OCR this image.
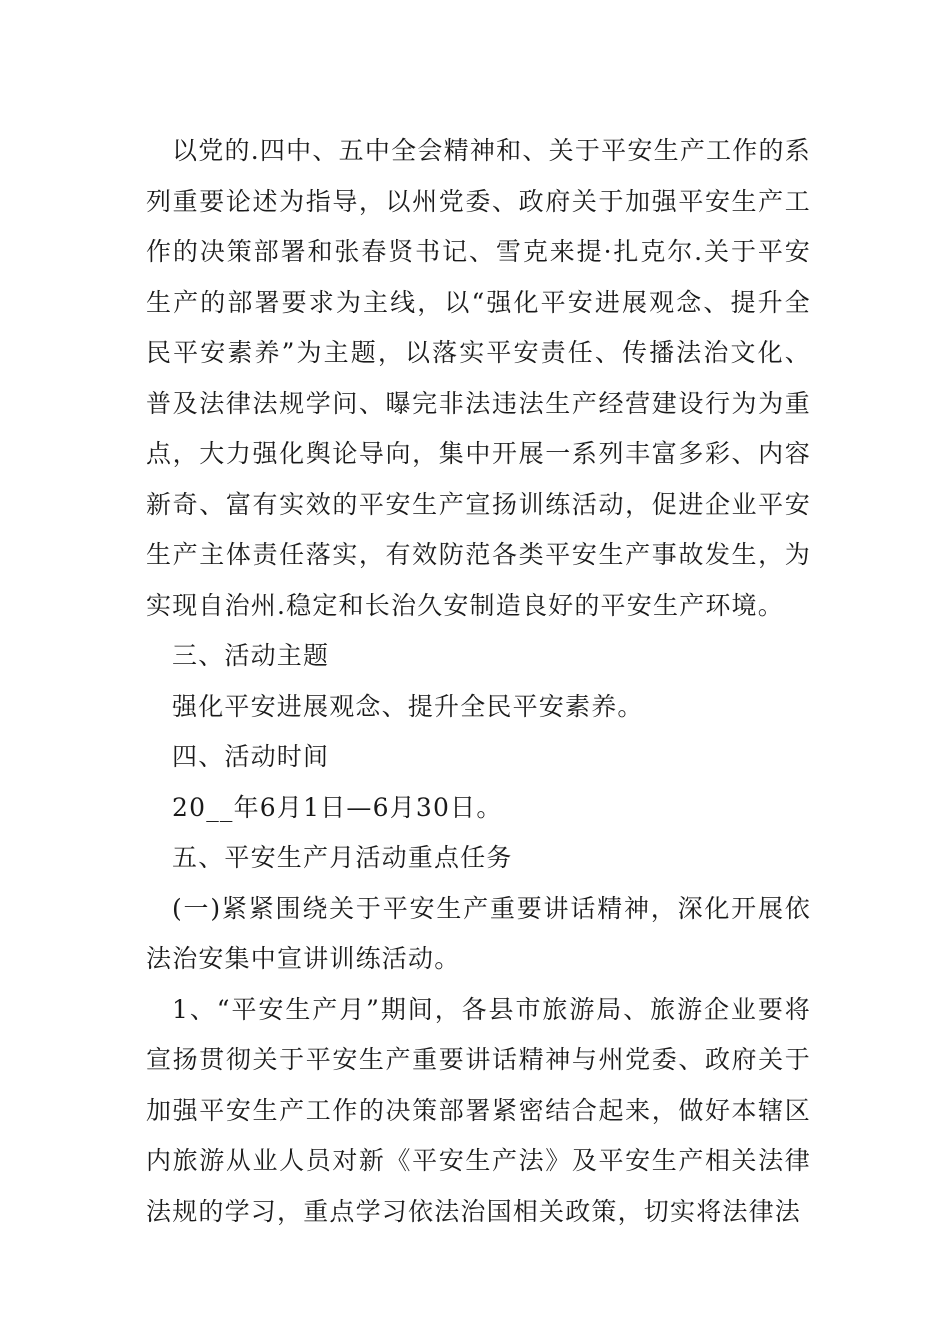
以党的.四中、五中全会精神和、关于平安生产工作的系列重要论述为指导，以州党委、政府关于加强平安生产工作的决策部署和张春贤书记、雪克来提·扎克尔.关于平安生产的部署要求为主线，以“强化平安进展观念、提升全民平安素养”为主题，以落实平安责任、传播法治文化、普及法律法规学问、曝完非法违法生产经营建设行为为重点，大力强化舆论导向，集中开展一系列丰富多彩、内容新奇、富有实效的平安生产宣扬训练活动，促进企业平安生产主体责任落实，有效防范各类平安生产事故发生，为实现自治州.稳定和长治久安制造良好的平安生产环境。

三、活动主题

强化平安进展观念、提升全民平安素养。

四、活动时间

20__年6月1日—6月30日。

五、平安生产月活动重点任务

(一)紧紧围绕关于平安生产重要讲话精神，深化开展依法治安集中宣讲训练活动。

1、“平安生产月”期间，各县市旅游局、旅游企业要将宣扬贯彻关于平安生产重要讲话精神与州党委、政府关于加强平安生产工作的决策部署紧密结合起来，做好本辖区内旅游从业人员对新《平安生产法》及平安生产相关法律法规的学习，重点学习依法治国相关政策，切实将法律法
